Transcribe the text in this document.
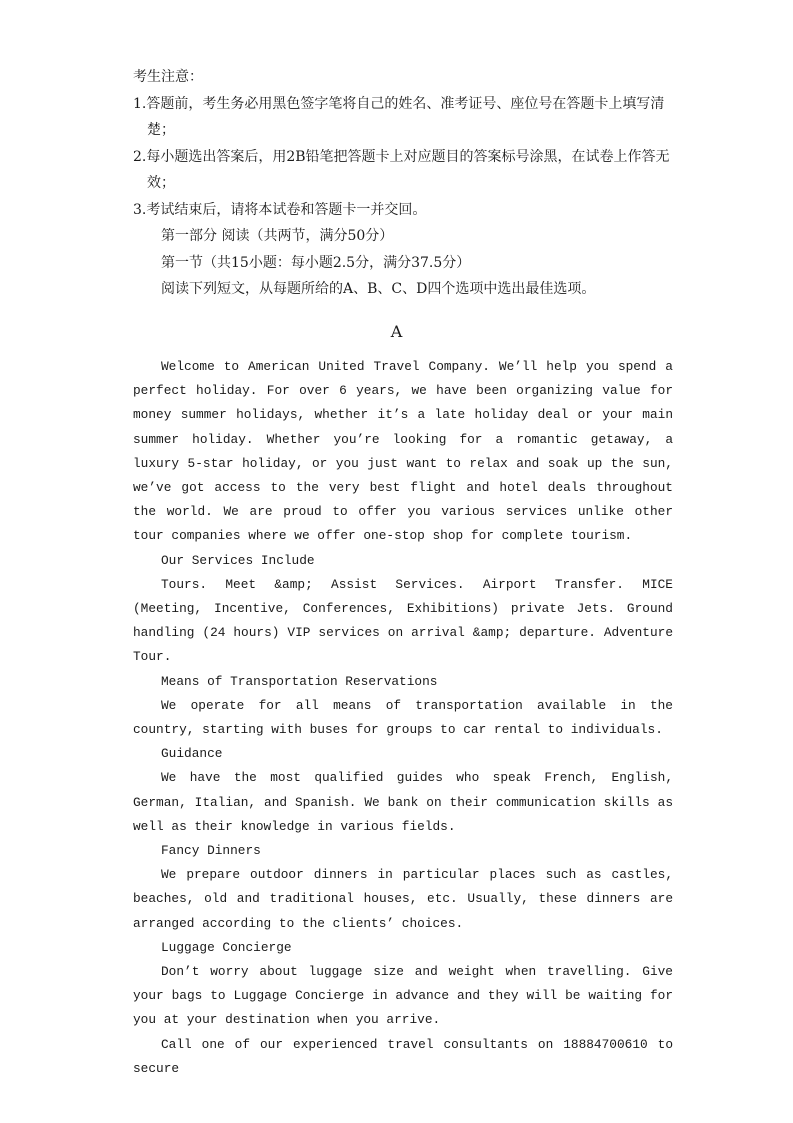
考生注意：
1.答题前，考生务必用黑色签字笔将自己的姓名、准考证号、座位号在答题卡上填写清楚；
2.每小题选出答案后，用2B铅笔把答题卡上对应题目的答案标号涂黑，在试卷上作答无效；
3.考试结束后，请将本试卷和答题卡一并交回。
第一部分 阅读（共两节，满分50分）
第一节（共15小题：每小题2.5分，满分37.5分）
阅读下列短文，从每题所给的A、B、C、D四个选项中选出最佳选项。
A

Welcome to American United Travel Company. We’ll help you spend a perfect holiday. For over 6 years, we have been organizing value for money summer holidays, whether it’s a late holiday deal or your main summer holiday. Whether you’re looking for a romantic getaway, a luxury 5-star holiday, or you just want to relax and soak up the sun, we’ve got access to the very best flight and hotel deals throughout the world. We are proud to offer you various services unlike other tour companies where we offer one-stop shop for complete tourism.

Our Services Include

Tours. Meet &amp; Assist Services. Airport Transfer. MICE (Meeting, Incentive, Conferences, Exhibitions) private Jets. Ground handling (24 hours) VIP services on arrival &amp; departure. Adventure Tour.

Means of Transportation Reservations

We operate for all means of transportation available in the country, starting with buses for groups to car rental to individuals.

Guidance

We have the most qualified guides who speak French, English, German, Italian, and Spanish. We bank on their communication skills as well as their knowledge in various fields.

Fancy Dinners

We prepare outdoor dinners in particular places such as castles, beaches, old and traditional houses, etc. Usually, these dinners are arranged according to the clients’ choices.

Luggage Concierge

Don’t worry about luggage size and weight when travelling. Give your bags to Luggage Concierge in advance and they will be waiting for you at your destination when you arrive.

Call one of our experienced travel consultants on 18884700610 to secure
